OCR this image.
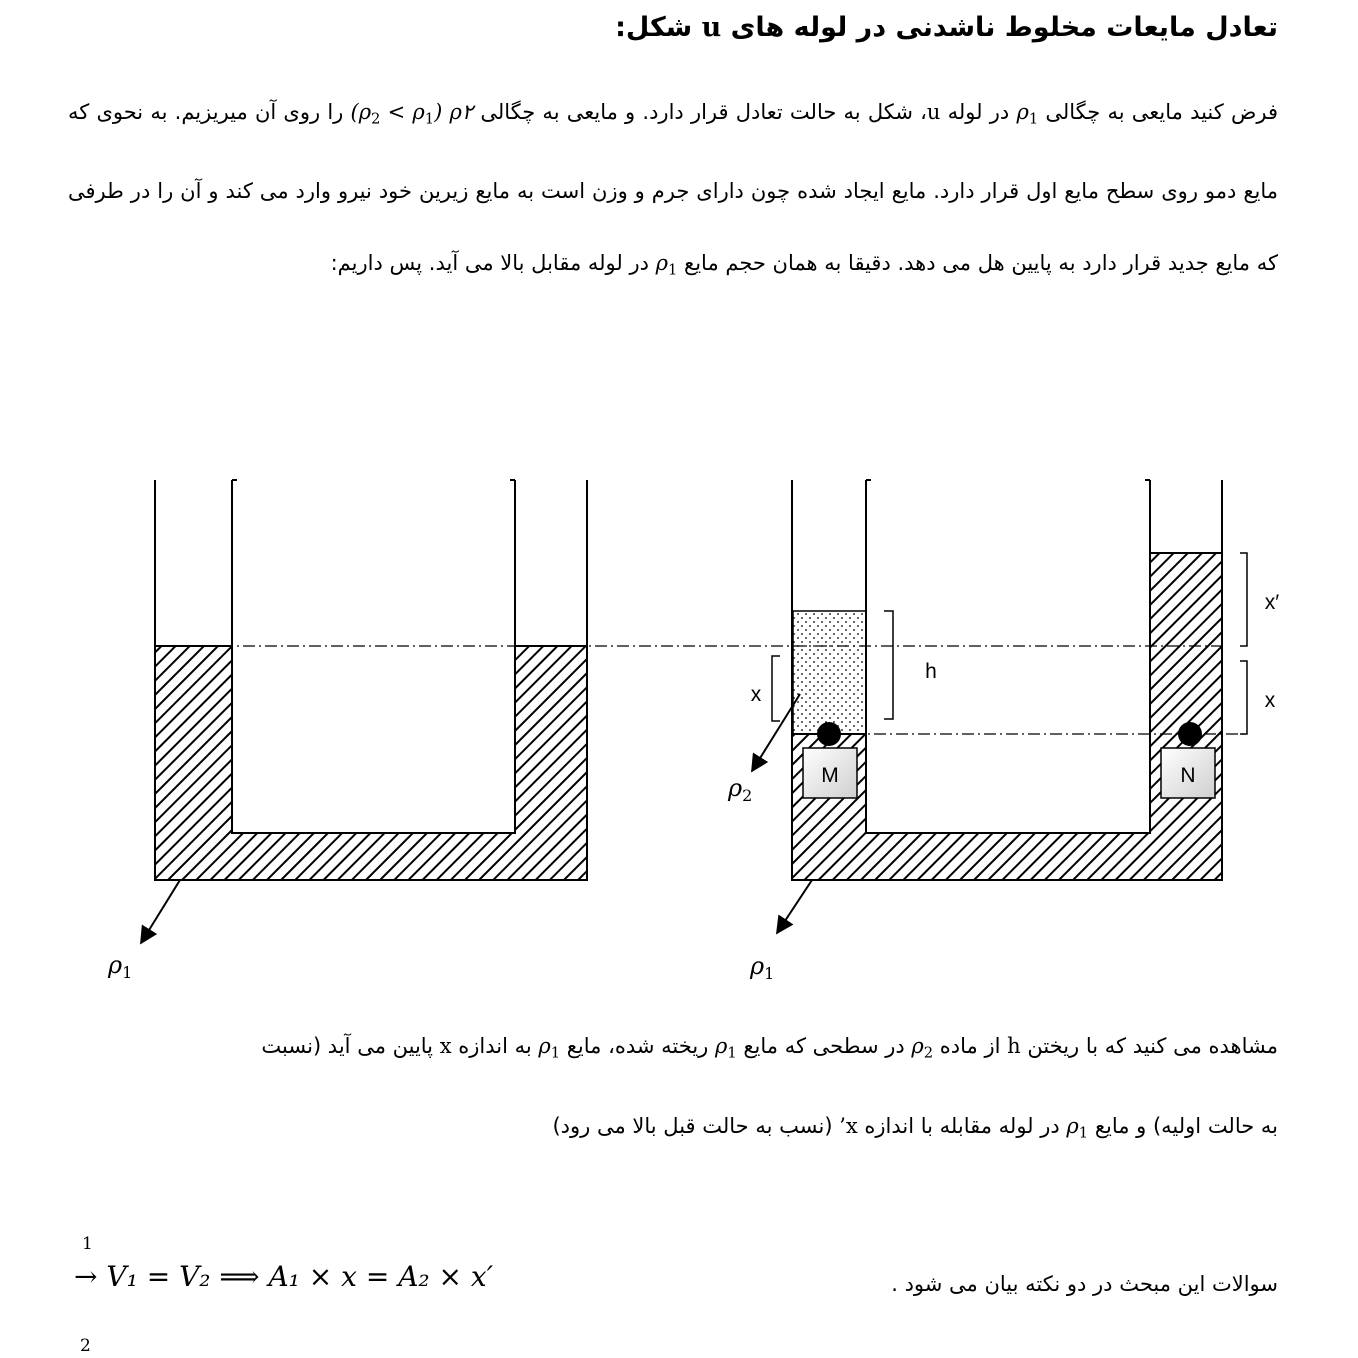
تعادل مایعات مخلوط ناشدنی در لوله های u شکل:

فرض کنید مایعی به چگالی $\rho_1$ در لوله u، شکل به حالت تعادل قرار دارد. و مایعی به چگالی ρ٢ $(\rho_2 < \rho_1)$ را روی آن میریزیم. به نحوی که مایع دمو روی سطح مایع اول قرار دارد. مایع ایجاد شده چون دارای جرم و وزن است به مایع زیرین خود نیرو وارد می کند و آن را در طرفی که مایع جدید قرار دارد به پایین هل می دهد. دقیقا به همان حجم مایع $\rho_1$ در لوله مقابل بالا می آید. پس داریم:

$\rho_1$
M	N
x
h
x′
x
$\rho_2$
$\rho_1$
مشاهده می کنید که با ریختن h از ماده $\rho_2$ در سطحی که مایع $\rho_1$ ریخته شده، مایع $\rho_1$ به اندازه x پایین می آید (نسبت
به حالت اولیه) و مایع $\rho_1$ در لوله مقابله با اندازه x’ (نسب به حالت قبل بالا می رود)
1
→ V₁ = V₂ ⟹ A₁ × x = A₂ × x′	سوالات این مبحث در دو نکته بیان می شود .
2
